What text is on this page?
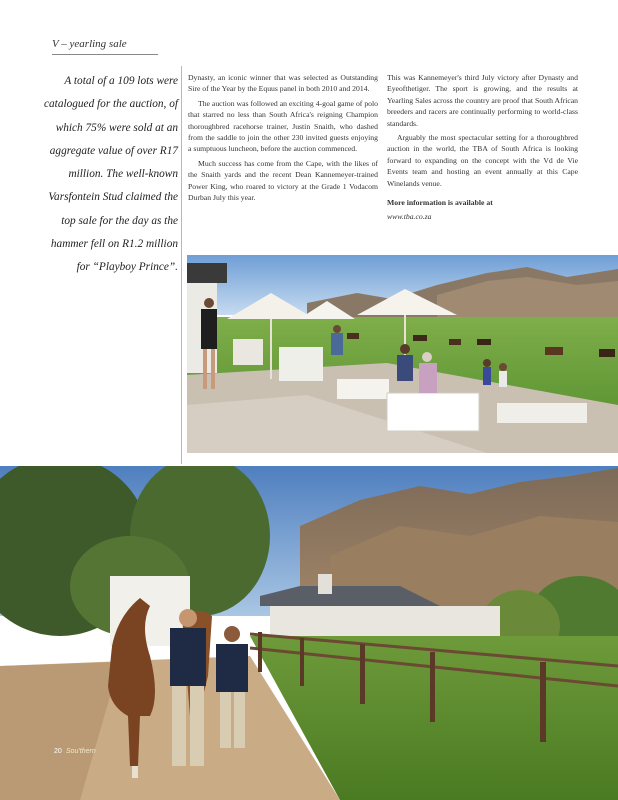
V – yearling sale
A total of a 109 lots were catalogued for the auction, of which 75% were sold at an aggregate value of over R17 million. The well-known Varsfontein Stud claimed the top sale for the day as the hammer fell on R1.2 million for “Playboy Prince”.

Dynasty, an iconic winner that was selected as Outstanding Sire of the Year by the Equus panel in both 2010 and 2014.

The auction was followed an exciting 4-goal game of polo that starred no less than South Africa's reigning Champion thoroughbred racehorse trainer, Justin Snaith, who dashed from the saddle to join the other 230 invited guests enjoying a sumptuous luncheon, before the auction commenced.

Much success has come from the Cape, with the likes of the Snaith yards and the recent Dean Kannemeyer-trained Power King, who roared to victory at the Grade 1 Vodacom Durban July this year.

This was Kannemeyer's third July victory after Dynasty and Eyeofthetiger. The sport is growing, and the results at Yearling Sales across the country are proof that South African breeders and racers are continually performing to world-class standards.

Arguably the most spectacular setting for a thoroughbred auction in the world, the TBA of South Africa is looking forward to expanding on the concept with the Vd de Vie Events team and hosting an event annually at this Cape Winelands venue.

More information is available at

www.tba.co.za

20 Sou'thern
